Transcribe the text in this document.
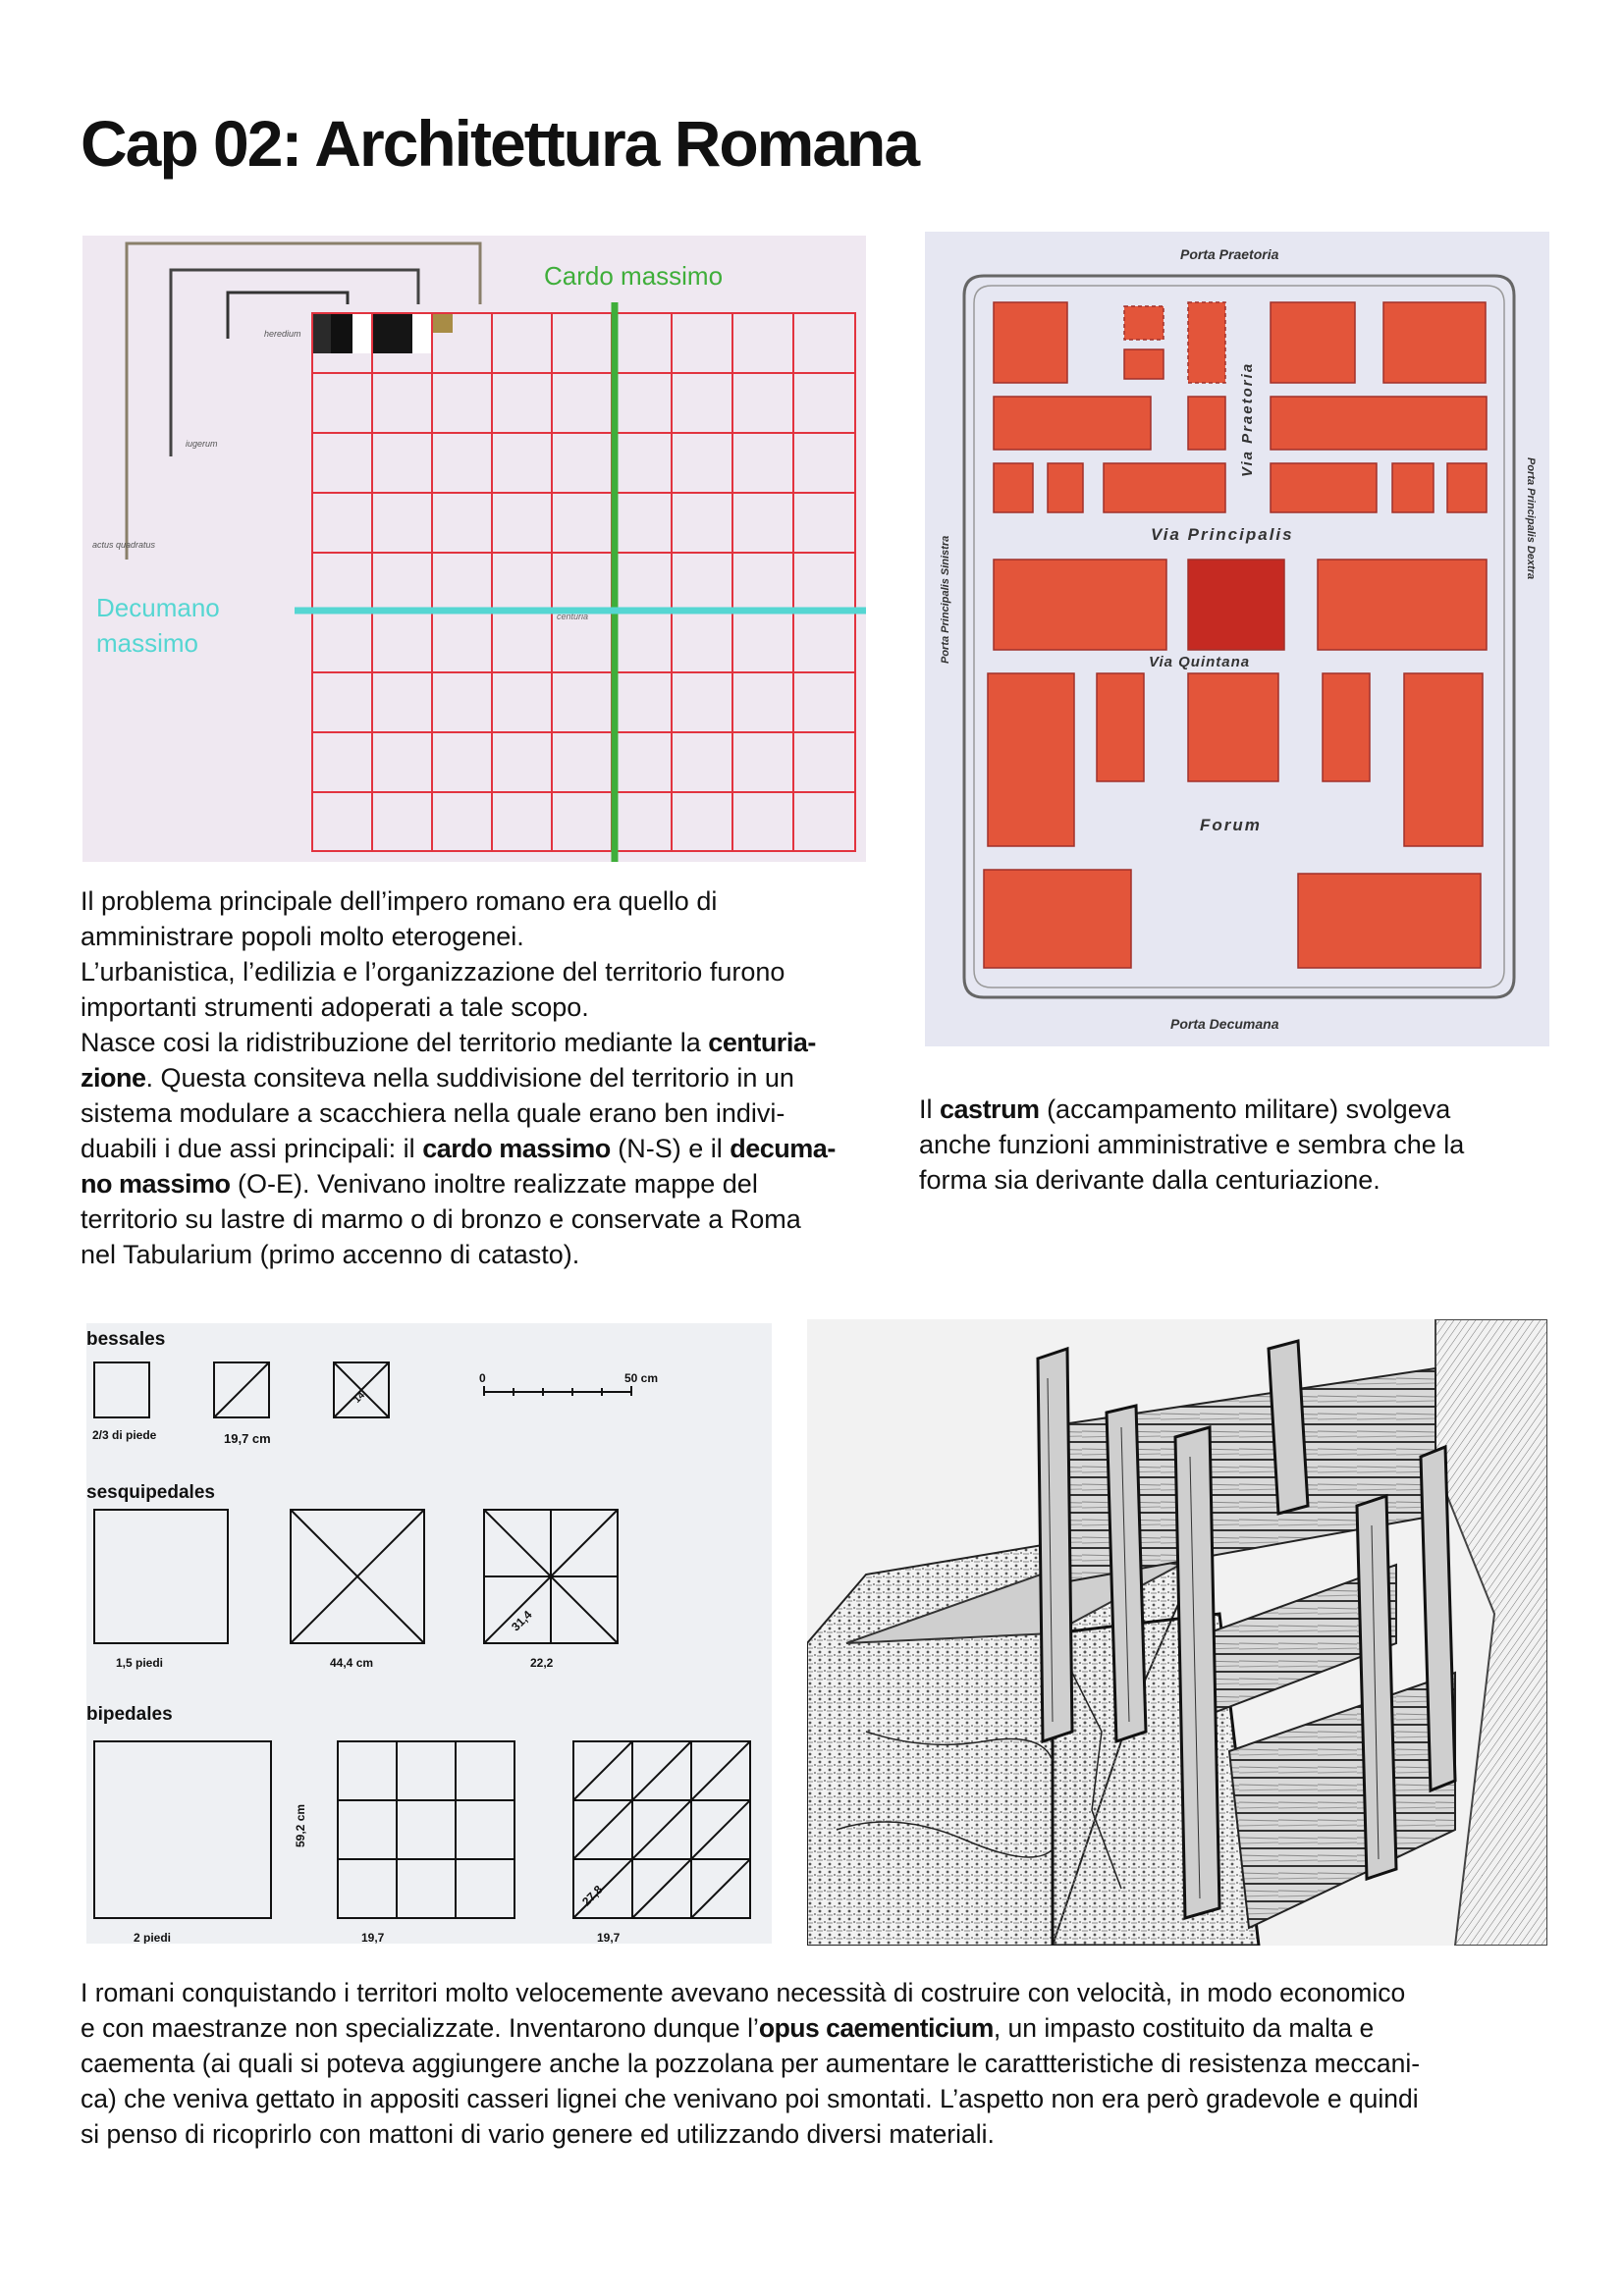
Cap 02: Architettura Romana
heredium
iugerum
actus quadratus
centuria
Cardo massimo
Decumano
massimo
Porta Praetoria
Porta Decumana
Via Principalis
Via Quintana
Forum
Via Praetoria
Porta Principalis Sinistra
Porta Principalis Dextra
Il problema principale dell’impero romano era quello di
amministrare popoli molto eterogenei.
L’urbanistica, l’edilizia e l’organizzazione del territorio furono
importanti strumenti adoperati a tale scopo.
Nasce cosi la ridistribuzione del territorio mediante la centuria-
zione. Questa consiteva nella suddivisione del territorio in un
sistema modulare a scacchiera nella quale erano ben indivi-
duabili i due assi principali: il cardo massimo (N-S) e il decuma-
no massimo (O-E). Venivano inoltre realizzate mappe del
territorio su lastre di marmo o di bronzo e conservate a Roma
nel Tabularium (primo accenno di catasto).
Il castrum (accampamento militare) svolgeva
anche funzioni amministrative e sembra che la
forma sia derivante dalla centuriazione.
bessales
2/3 di piede	19,7 cm
14
0	50 cm
sesquipedales
1,5 piedi	44,4 cm	22,2
31,4
bipedales
59,2 cm
2 piedi	19,7	19,7
27,8
I romani conquistando i territori molto velocemente avevano necessità di costruire con velocità, in modo economico
e con maestranze non specializzate. Inventarono dunque l’opus caementicium, un impasto costituito da malta e
caementa (ai quali si poteva aggiungere anche la pozzolana per aumentare le carattteristiche di resistenza meccani-
ca) che veniva gettato in appositi casseri lignei che venivano poi smontati. L’aspetto non era però gradevole e quindi
si penso di ricoprirlo con mattoni di vario genere ed utilizzando diversi materiali.
